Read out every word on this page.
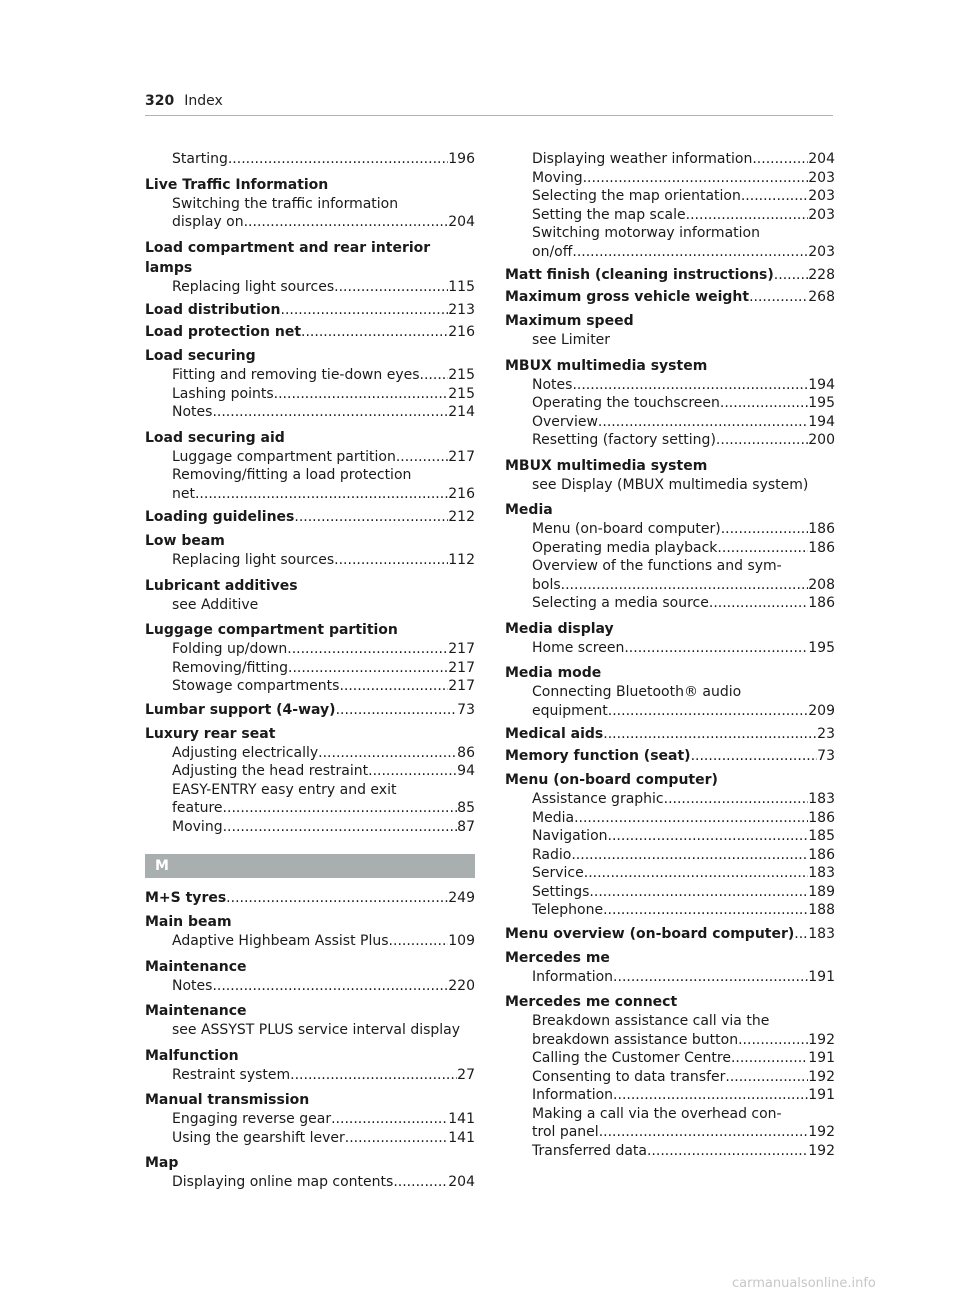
320 Index
Starting .....	196
Live Traffic Information
Switching the traffic information
display on .....	204
Load compartment and rear interior
lamps
Replacing light sources .....	115
Load distribution .....	213
Load protection net .....	216
Load securing
Fitting and removing tie-down eyes ..... 215
Lashing points .....	215
Notes .....	214
Load securing aid
Luggage compartment partition .....	217
Removing/fitting a load protection
net .....	216
Loading guidelines .....	212
Low beam
Replacing light sources .....	112
Lubricant additives
see Additive
Luggage compartment partition
Folding up/down .....	217
Removing/fitting .....	217
Stowage compartments .....	217
Lumbar support (4-way) .....	73
Luxury rear seat
Adjusting electrically .....	86
Adjusting the head restraint .....	94
EASY-ENTRY easy entry and exit
feature .....	85
Moving .....	87
M
M+S tyres .....	249
Main beam
Adaptive Highbeam Assist Plus .....	109
Maintenance
Notes .....	220
Maintenance
see ASSYST PLUS service interval display
Malfunction
Restraint system .....	27
Manual transmission
Engaging reverse gear .....	141
Using the gearshift lever .....	141
Map
Displaying online map contents .....	204
Displaying weather information .....	204
Moving .....	203
Selecting the map orientation .....	203
Setting the map scale .....	203
Switching motorway information
on/off .....	203
Matt finish (cleaning instructions) ..... 228
Maximum gross vehicle weight .....	268
Maximum speed
see Limiter
MBUX multimedia system
Notes .....	194
Operating the touchscreen .....	195
Overview .....	194
Resetting (factory setting) .....	200
MBUX multimedia system
see Display (MBUX multimedia system)
Media
Menu (on-board computer) .....	186
Operating media playback .....	186
Overview of the functions and sym-
bols .....	208
Selecting a media source .....	186
Media display
Home screen .....	195
Media mode
Connecting Bluetooth® audio
equipment .....	209
Medical aids .....	23
Memory function (seat) .....	73
Menu (on-board computer)
Assistance graphic .....	183
Media .....	186
Navigation .....	185
Radio .....	186
Service .....	183
Settings .....	189
Telephone .....	188
Menu overview (on-board computer) ..... 183
Mercedes me
Information .....	191
Mercedes me connect
Breakdown assistance call via the
breakdown assistance button .....	192
Calling the Customer Centre .....	191
Consenting to data transfer .....	192
Information .....	191
Making a call via the overhead con-
trol panel .....	192
Transferred data .....	192
carmanualsonline.info
